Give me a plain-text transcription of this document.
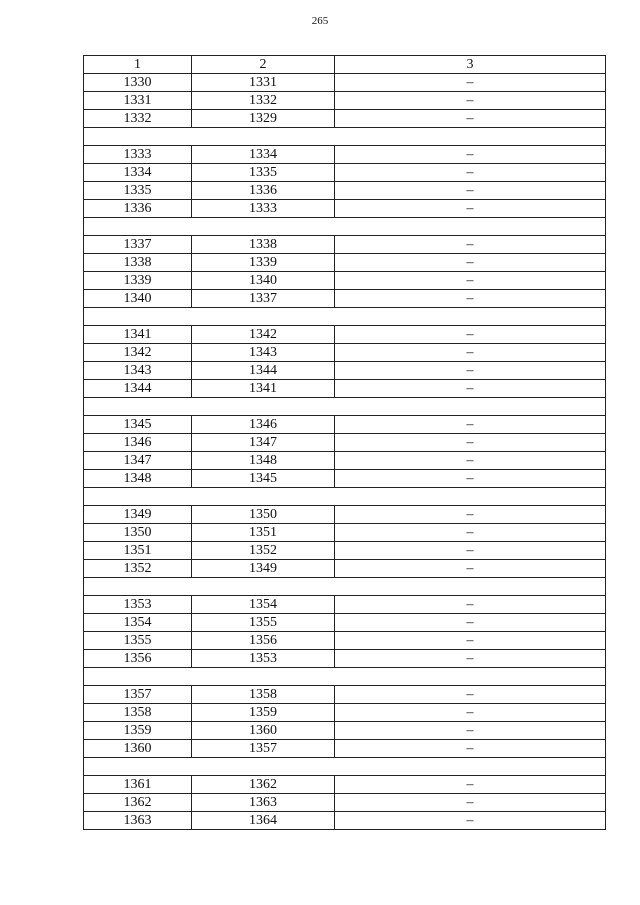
265
1	2	3
1330	1331	–
1331	1332	–
1332	1329	–

1333	1334	–
1334	1335	–
1335	1336	–
1336	1333	–

1337	1338	–
1338	1339	–
1339	1340	–
1340	1337	–

1341	1342	–
1342	1343	–
1343	1344	–
1344	1341	–

1345	1346	–
1346	1347	–
1347	1348	–
1348	1345	–

1349	1350	–
1350	1351	–
1351	1352	–
1352	1349	–

1353	1354	–
1354	1355	–
1355	1356	–
1356	1353	–

1357	1358	–
1358	1359	–
1359	1360	–
1360	1357	–

1361	1362	–
1362	1363	–
1363	1364	–
